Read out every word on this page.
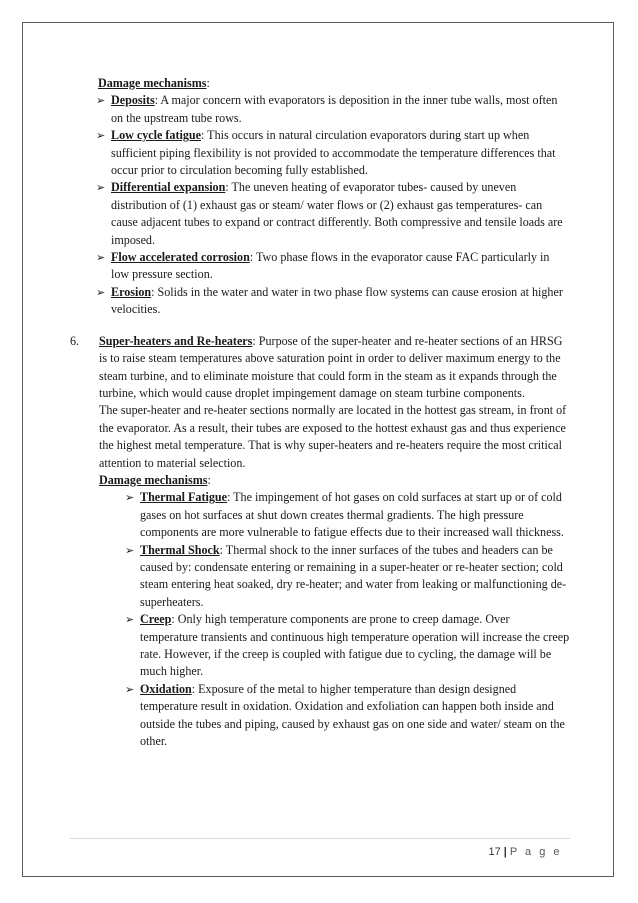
Damage mechanisms:
➢ Deposits: A major concern with evaporators is deposition in the inner tube walls, most often on the upstream tube rows.
➢ Low cycle fatigue: This occurs in natural circulation evaporators during start up when sufficient piping flexibility is not provided to accommodate the temperature differences that occur prior to circulation becoming fully established.
➢ Differential expansion: The uneven heating of evaporator tubes- caused by uneven distribution of (1) exhaust gas or steam/ water flows or (2) exhaust gas temperatures- can cause adjacent tubes to expand or contract differently. Both compressive and tensile loads are imposed.
➢ Flow accelerated corrosion: Two phase flows in the evaporator cause FAC particularly in low pressure section.
➢ Erosion: Solids in the water and water in two phase flow systems can cause erosion at higher velocities.
6. Super-heaters and Re-heaters: Purpose of the super-heater and re-heater sections of an HRSG is to raise steam temperatures above saturation point in order to deliver maximum energy to the steam turbine, and to eliminate moisture that could form in the steam as it expands through the turbine, which would cause droplet impingement damage on steam turbine components.
The super-heater and re-heater sections normally are located in the hottest gas stream, in front of the evaporator. As a result, their tubes are exposed to the hottest exhaust gas and thus experience the highest metal temperature. That is why super-heaters and re-heaters require the most critical attention to material selection.
Damage mechanisms:
➢ Thermal Fatigue: The impingement of hot gases on cold surfaces at start up or of cold gases on hot surfaces at shut down creates thermal gradients. The high pressure components are more vulnerable to fatigue effects due to their increased wall thickness.
➢ Thermal Shock: Thermal shock to the inner surfaces of the tubes and headers can be caused by: condensate entering or remaining in a super-heater or re-heater section; cold steam entering heat soaked, dry re-heater; and water from leaking or malfunctioning de-superheaters.
➢ Creep: Only high temperature components are prone to creep damage. Over temperature transients and continuous high temperature operation will increase the creep rate. However, if the creep is coupled with fatigue due to cycling, the damage will be much higher.
➢ Oxidation: Exposure of the metal to higher temperature than design designed temperature result in oxidation. Oxidation and exfoliation can happen both inside and outside the tubes and piping, caused by exhaust gas on one side and water/ steam on the other.
17 | P a g e
